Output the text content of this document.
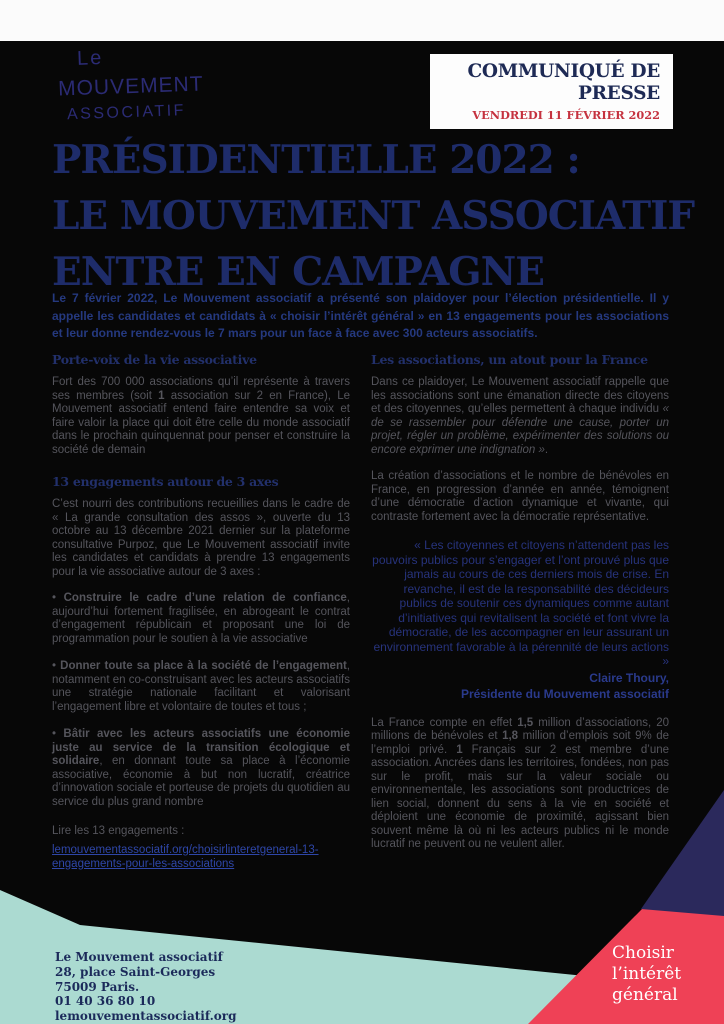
Le
MOUVEMENT
ASSOCIATIF
COMMUNIQUÉ DE
PRESSE
VENDREDI 11 FÉVRIER 2022
PRÉSIDENTIELLE 2022 :
LE MOUVEMENT ASSOCIATIF
ENTRE EN CAMPAGNE
Le 7 février 2022, Le Mouvement associatif a présenté son plaidoyer pour l’élection présidentielle. Il y appelle les candidates et candidats à « choisir l’intérêt général » en 13 engagements pour les associations et leur donne rendez-vous le 7 mars pour un face à face avec 300 acteurs associatifs.
Porte-voix de la vie associative

Fort des 700 000 associations qu’il représente à travers ses membres (soit 1 association sur 2 en France), Le Mouvement associatif entend faire entendre sa voix et faire valoir la place qui doit être celle du monde associatif dans le prochain quinquennat pour penser et construire la société de demain

13 engagements autour de 3 axes

C’est nourri des contributions recueillies dans le cadre de « La grande consultation des assos », ouverte du 13 octobre au 13 décembre 2021 dernier sur la plateforme consultative Purpoz, que Le Mouvement associatif invite les candidates et candidats à prendre 13 engagements pour la vie associative autour de 3 axes :

• Construire le cadre d’une relation de confiance, aujourd’hui fortement fragilisée, en abrogeant le contrat d’engagement républicain et proposant une loi de programmation pour le soutien à la vie associative

• Donner toute sa place à la société de l’engagement, notamment en co-construisant avec les acteurs associatifs une stratégie nationale facilitant et valorisant l’engagement libre et volontaire de toutes et tous ;

• Bâtir avec les acteurs associatifs une économie juste au service de la transition écologique et solidaire, en donnant toute sa place à l’économie associative, économie à but non lucratif, créatrice d’innovation sociale et porteuse de projets du quotidien au service du plus grand nombre

Lire les 13 engagements :

lemouvementassociatif.org/choisirlinteretgeneral-13-engagements-pour-les-associations
Les associations, un atout pour la France

Dans ce plaidoyer, Le Mouvement associatif rappelle que les associations sont une émanation directe des citoyens et des citoyennes, qu’elles permettent à chaque individu « de se rassembler pour défendre une cause, porter un projet, régler un problème, expérimenter des solutions ou encore exprimer une indignation ».

La création d’associations et le nombre de bénévoles en France, en progression d’année en année, témoignent d’une démocratie d’action dynamique et vivante, qui contraste fortement avec la démocratie représentative.

« Les citoyennes et citoyens n’attendent pas les pouvoirs publics pour s’engager et l’ont prouvé plus que jamais au cours de ces derniers mois de crise. En revanche, il est de la responsabilité des décideurs publics de soutenir ces dynamiques comme autant d’initiatives qui revitalisent la société et font vivre la démocratie, de les accompagner en leur assurant un environnement favorable à la pérennité de leurs actions »
Claire Thoury,
Présidente du Mouvement associatif

La France compte en effet 1,5 million d’associations, 20 millions de bénévoles et 1,8 million d’emplois soit 9% de l’emploi privé. 1 Français sur 2 est membre d’une association. Ancrées dans les territoires, fondées, non pas sur le profit, mais sur la valeur sociale ou environnementale, les associations sont productrices de lien social, donnent du sens à la vie en société et déploient une économie de proximité, agissant bien souvent même là où ni les acteurs publics ni le monde lucratif ne peuvent ou ne veulent aller.

Le Mouvement associatif
28, place Saint-Georges
75009 Paris.
01 40 36 80 10
lemouvementassociatif.org
Choisir
l’intérêt
général
